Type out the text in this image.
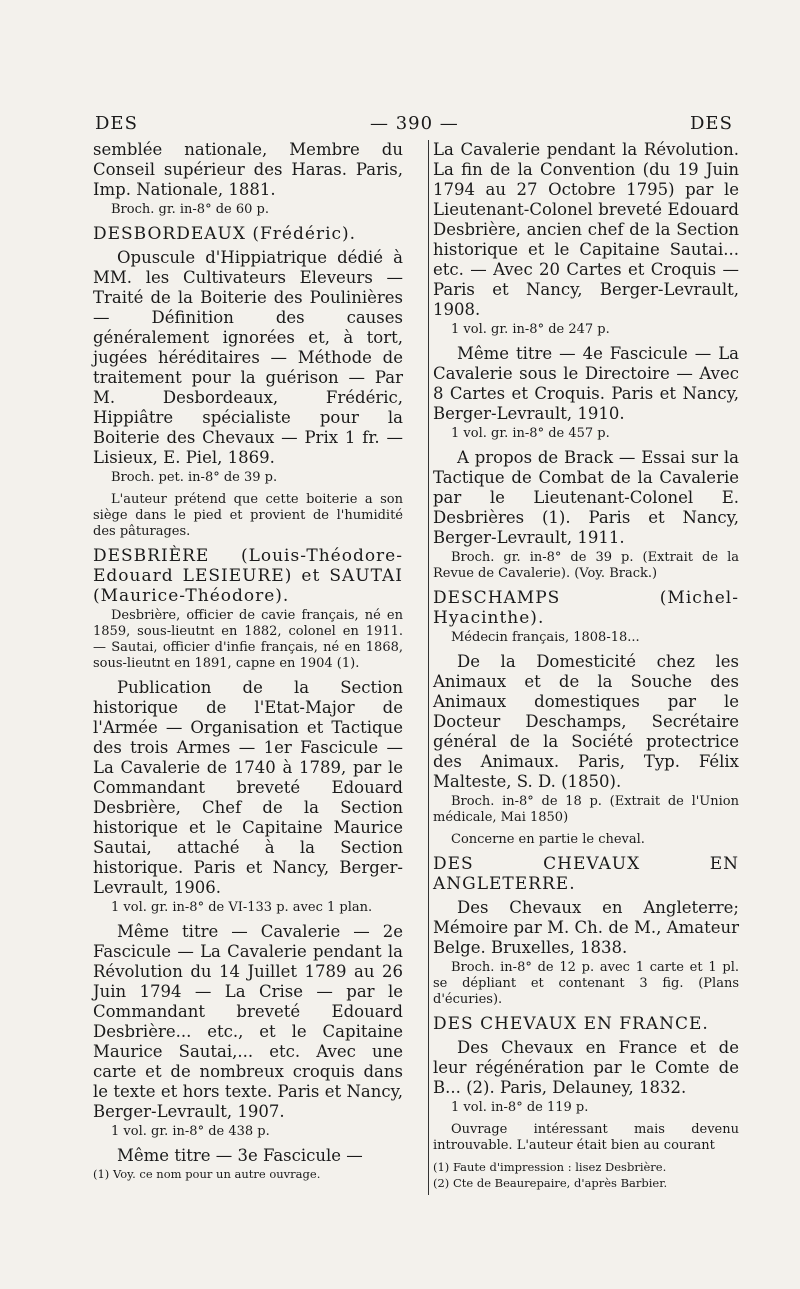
DES	— 390 —	DES

semblée nationale, Membre du Conseil supérieur des Haras. Paris, Imp. Nationale, 1881.

Broch. gr. in-8° de 60 p.

DESBORDEAUX (Frédéric).

Opuscule d'Hippiatrique dédié à MM. les Cultivateurs Eleveurs — Traité de la Boiterie des Poulinières — Définition des causes généralement ignorées et, à tort, jugées héréditaires — Méthode de traitement pour la guérison — Par M. Desbordeaux, Frédéric, Hippiâtre spécialiste pour la Boiterie des Chevaux — Prix 1 fr. — Lisieux, E. Piel, 1869.

Broch. pet. in-8° de 39 p.

L'auteur prétend que cette boiterie a son siège dans le pied et provient de l'humidité des pâturages.

DESBRIÈRE (Louis-Théodore-Edouard LESIEURE) et SAUTAI (Maurice-Théodore).

Desbrière, officier de cavie français, né en 1859, sous-lieutnt en 1882, colonel en 1911. — Sautai, officier d'infie français, né en 1868, sous-lieutnt en 1891, capne en 1904 (1).

Publication de la Section historique de l'Etat-Major de l'Armée — Organisation et Tactique des trois Armes — 1er Fascicule — La Cavalerie de 1740 à 1789, par le Commandant breveté Edouard Desbrière, Chef de la Section historique et le Capitaine Maurice Sautai, attaché à la Section historique. Paris et Nancy, Berger-Levrault, 1906.

1 vol. gr. in-8° de VI-133 p. avec 1 plan.

Même titre — Cavalerie — 2e Fascicule — La Cavalerie pendant la Révolution du 14 Juillet 1789 au 26 Juin 1794 — La Crise — par le Commandant breveté Edouard Desbrière... etc., et le Capitaine Maurice Sautai,... etc. Avec une carte et de nombreux croquis dans le texte et hors texte. Paris et Nancy, Berger-Levrault, 1907.

1 vol. gr. in-8° de 438 p.

Même titre — 3e Fascicule —

(1) Voy. ce nom pour un autre ouvrage.

La Cavalerie pendant la Révolution. La fin de la Convention (du 19 Juin 1794 au 27 Octobre 1795) par le Lieutenant-Colonel breveté Edouard Desbrière, ancien chef de la Section historique et le Capitaine Sautai... etc. — Avec 20 Cartes et Croquis — Paris et Nancy, Berger-Levrault, 1908.

1 vol. gr. in-8° de 247 p.

Même titre — 4e Fascicule — La Cavalerie sous le Directoire — Avec 8 Cartes et Croquis. Paris et Nancy, Berger-Levrault, 1910.

1 vol. gr. in-8° de 457 p.

A propos de Brack — Essai sur la Tactique de Combat de la Cavalerie par le Lieutenant-Colonel E. Desbrières (1). Paris et Nancy, Berger-Levrault, 1911.

Broch. gr. in-8° de 39 p. (Extrait de la Revue de Cavalerie). (Voy. Brack.)

DESCHAMPS (Michel-Hyacinthe).

Médecin français, 1808-18...

De la Domesticité chez les Animaux et de la Souche des Animaux domestiques par le Docteur Deschamps, Secrétaire général de la Société protectrice des Animaux. Paris, Typ. Félix Malteste, S. D. (1850).

Broch. in-8° de 18 p. (Extrait de l'Union médicale, Mai 1850)

Concerne en partie le cheval.

DES CHEVAUX EN ANGLETERRE.

Des Chevaux en Angleterre; Mémoire par M. Ch. de M., Amateur Belge. Bruxelles, 1838.

Broch. in-8° de 12 p. avec 1 carte et 1 pl. se dépliant et contenant 3 fig. (Plans d'écuries).

DES CHEVAUX EN FRANCE.

Des Chevaux en France et de leur régénération par le Comte de B... (2). Paris, Delauney, 1832.

1 vol. in-8° de 119 p.

Ouvrage intéressant mais devenu introuvable. L'auteur était bien au courant

(1) Faute d'impression : lisez Desbrière.

(2) Cte de Beaurepaire, d'après Barbier.
